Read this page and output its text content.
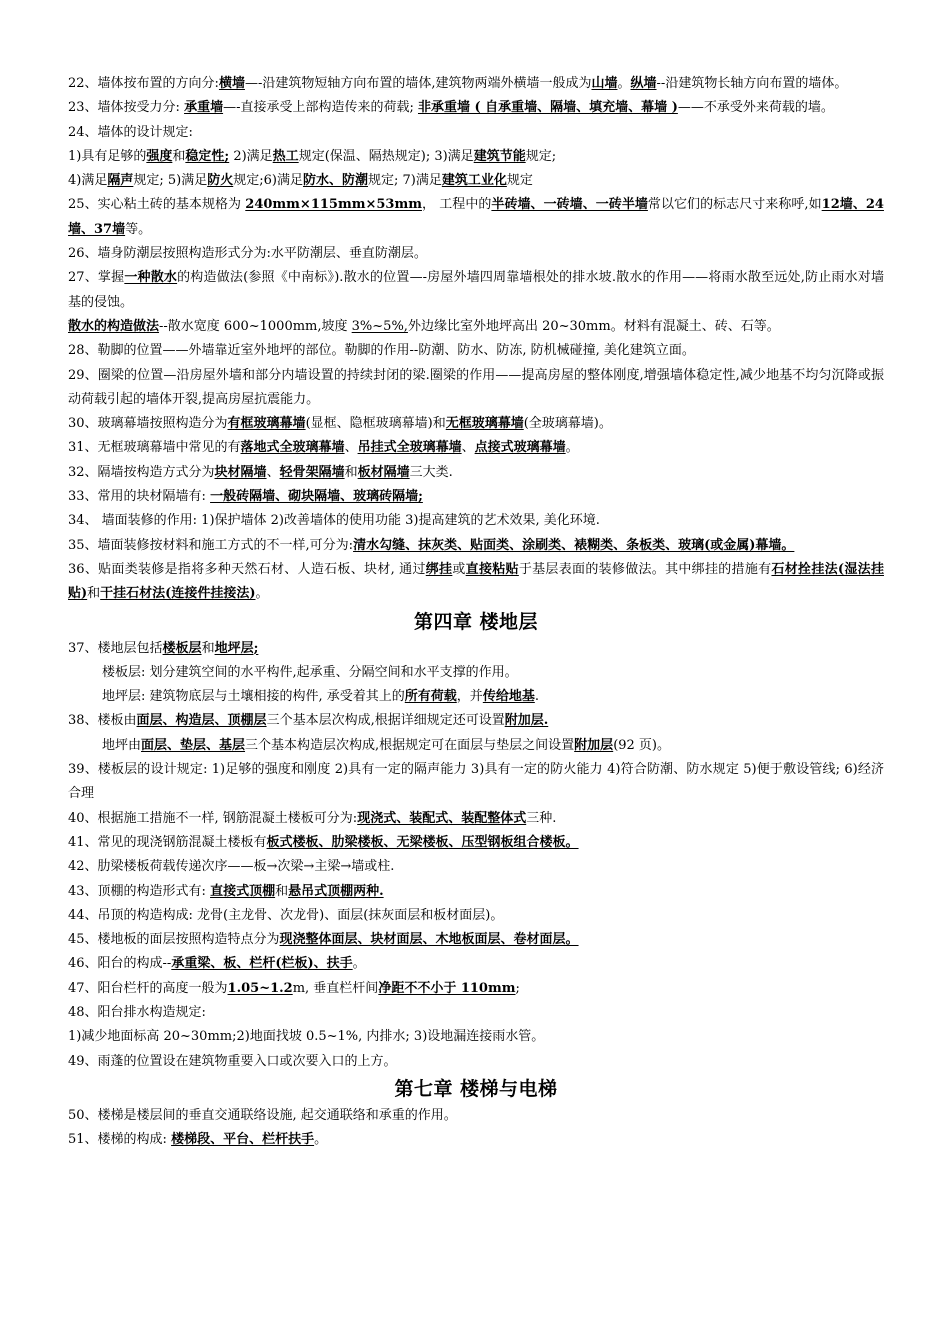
22、墙体按布置的方向分:横墙—-沿建筑物短轴方向布置的墙体,建筑物两端外横墙一般成为山墙。纵墙--沿建筑物长轴方向布置的墙体。
23、墙体按受力分: 承重墙—-直接承受上部构造传来的荷载; 非承重墙 ( 自承重墙、隔墙、填充墙、幕墙 )——不承受外来荷载的墙。
24、墙体的设计规定:
1)具有足够的强度和稳定性; 2)满足热工规定(保温、隔热规定); 3)满足建筑节能规定;
4)满足隔声规定; 5)满足防火规定;6)满足防水、防潮规定; 7)满足建筑工业化规定
25、实心粘土砖的基本规格为 240mm×115mm×53mm， 工程中的半砖墙、一砖墙、一砖半墙常以它们的标志尺寸来称呼,如12墙、24墙、37墙等。
26、墙身防潮层按照构造形式分为:水平防潮层、垂直防潮层。
27、掌握一种散水的构造做法(参照《中南标》).散水的位置—-房屋外墙四周靠墙根处的排水坡.散水的作用——将雨水散至远处,防止雨水对墙基的侵蚀。
散水的构造做法--散水宽度 600~1000mm,坡度 3%~5%,外边缘比室外地坪高出 20~30mm。材料有混凝土、砖、石等。
28、勒脚的位置——外墙靠近室外地坪的部位。勒脚的作用--防潮、防水、防冻, 防机械碰撞, 美化建筑立面。
29、圈梁的位置—沿房屋外墙和部分内墙设置的持续封闭的梁.圈梁的作用——提高房屋的整体刚度,增强墙体稳定性,减少地基不均匀沉降或振动荷载引起的墙体开裂,提高房屋抗震能力。
30、玻璃幕墙按照构造分为有框玻璃幕墙(显框、隐框玻璃幕墙)和无框玻璃幕墙(全玻璃幕墙)。
31、无框玻璃幕墙中常见的有落地式全玻璃幕墙、吊挂式全玻璃幕墙、点接式玻璃幕墙。
32、隔墙按构造方式分为块材隔墙、轻骨架隔墙和板材隔墙三大类.
33、常用的块材隔墙有: 一般砖隔墙、砌块隔墙、玻璃砖隔墙;
34、 墙面装修的作用: 1)保护墙体 2)改善墙体的使用功能 3)提高建筑的艺术效果, 美化环境.
35、墙面装修按材料和施工方式的不一样,可分为:清水勾缝、抹灰类、贴面类、涂刷类、裱糊类、条板类、玻璃(或金属)幕墙。
36、贴面类装修是指将多种天然石材、人造石板、块材, 通过绑挂或直接粘贴于基层表面的装修做法。其中绑挂的措施有石材拴挂法(湿法挂贴)和干挂石材法(连接件挂接法)。
第四章 楼地层
37、楼地层包括楼板层和地坪层;
楼板层: 划分建筑空间的水平构件,起承重、分隔空间和水平支撑的作用。
地坪层: 建筑物底层与土壤相接的构件, 承受着其上的所有荷载，并传给地基.
38、楼板由面层、构造层、顶棚层三个基本层次构成,根据详细规定还可设置附加层.
地坪由面层、垫层、基层三个基本构造层次构成,根据规定可在面层与垫层之间设置附加层(92 页)。
39、楼板层的设计规定: 1)足够的强度和刚度 2)具有一定的隔声能力 3)具有一定的防火能力 4)符合防潮、防水规定 5)便于敷设管线; 6)经济合理
40、根据施工措施不一样, 钢筋混凝土楼板可分为:现浇式、装配式、装配整体式三种.
41、常见的现浇钢筋混凝土楼板有板式楼板、肋梁楼板、无梁楼板、压型钢板组合楼板。
42、肋梁楼板荷载传递次序——板→次梁→主梁→墙或柱.
43、顶棚的构造形式有: 直接式顶棚和悬吊式顶棚两种.
44、吊顶的构造构成: 龙骨(主龙骨、次龙骨)、面层(抹灰面层和板材面层)。
45、楼地板的面层按照构造特点分为现浇整体面层、块材面层、木地板面层、卷材面层。
46、阳台的构成--承重梁、板、栏杆(栏板)、扶手。
47、阳台栏杆的高度一般为1.05~1.2m, 垂直栏杆间净距不不小于 110mm;
48、阳台排水构造规定:
1)减少地面标高 20~30mm;2)地面找坡 0.5~1%, 内排水; 3)设地漏连接雨水管。
49、雨蓬的位置设在建筑物重要入口或次要入口的上方。
第七章 楼梯与电梯
50、楼梯是楼层间的垂直交通联络设施, 起交通联络和承重的作用。
51、楼梯的构成: 楼梯段、平台、栏杆扶手。
